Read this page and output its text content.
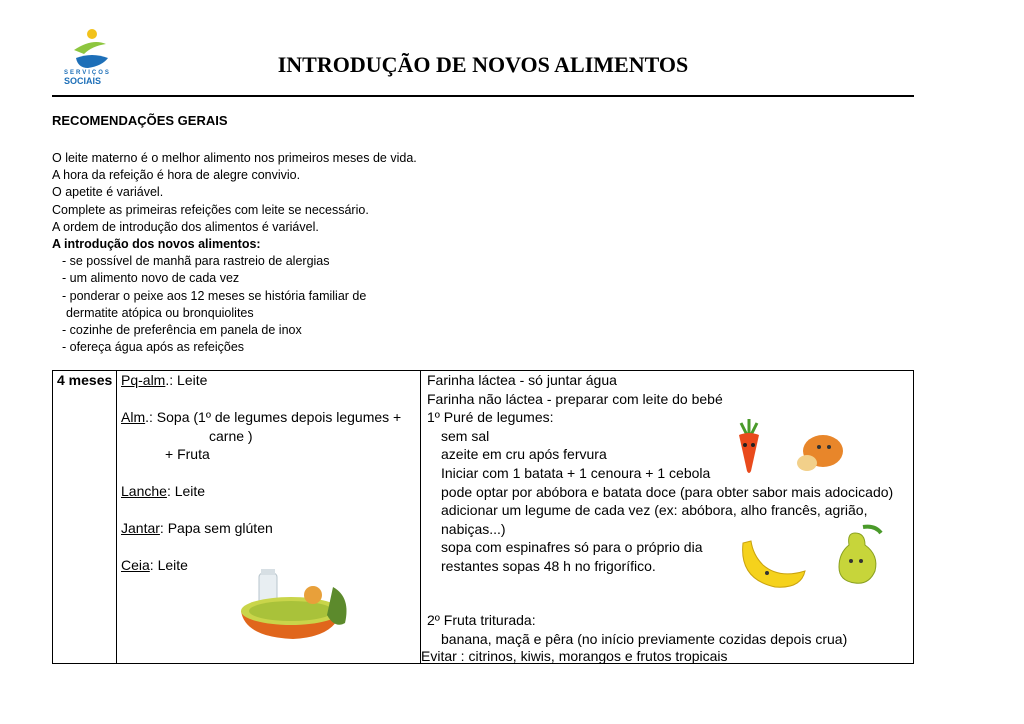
SERVIÇOS
SOCIAIS
INTRODUÇÃO DE NOVOS ALIMENTOS
RECOMENDAÇÕES GERAIS
O leite materno é o melhor alimento nos primeiros meses de vida.
A hora da refeição é hora de alegre convivio.
O apetite é variável.
Complete as primeiras refeições com leite se necessário.
A ordem de introdução dos alimentos é variável.
A introdução dos novos alimentos:
- se possível de manhã para rastreio de alergias
- um alimento novo de cada vez
- ponderar o peixe aos 12 meses se história familiar de
dermatite atópica ou bronquiolites
- cozinhe de preferência em panela de inox
- ofereça água após as refeições
4 meses Pq-alm.: Leite
Alm.: Sopa (1º de legumes depois legumes +
carne )
+ Fruta
Lanche: Leite
Jantar: Papa sem glúten
Ceia: Leite
Farinha láctea - só juntar água
Farinha não láctea - preparar com leite do bebé
1º Puré de legumes:
sem sal
azeite em cru após fervura
Iniciar com 1 batata + 1 cenoura + 1 cebola
pode optar por abóbora e batata doce (para obter sabor mais adocicado)
adicionar um legume de cada vez (ex: abóbora, alho francês, agrião,
nabiças...)
sopa com espinafres só para o próprio dia
restantes sopas 48 h no frigorífico.
2º Fruta triturada:
banana, maçã e pêra (no início previamente cozidas depois crua)
Evitar : citrinos, kiwis, morangos e frutos tropicais
